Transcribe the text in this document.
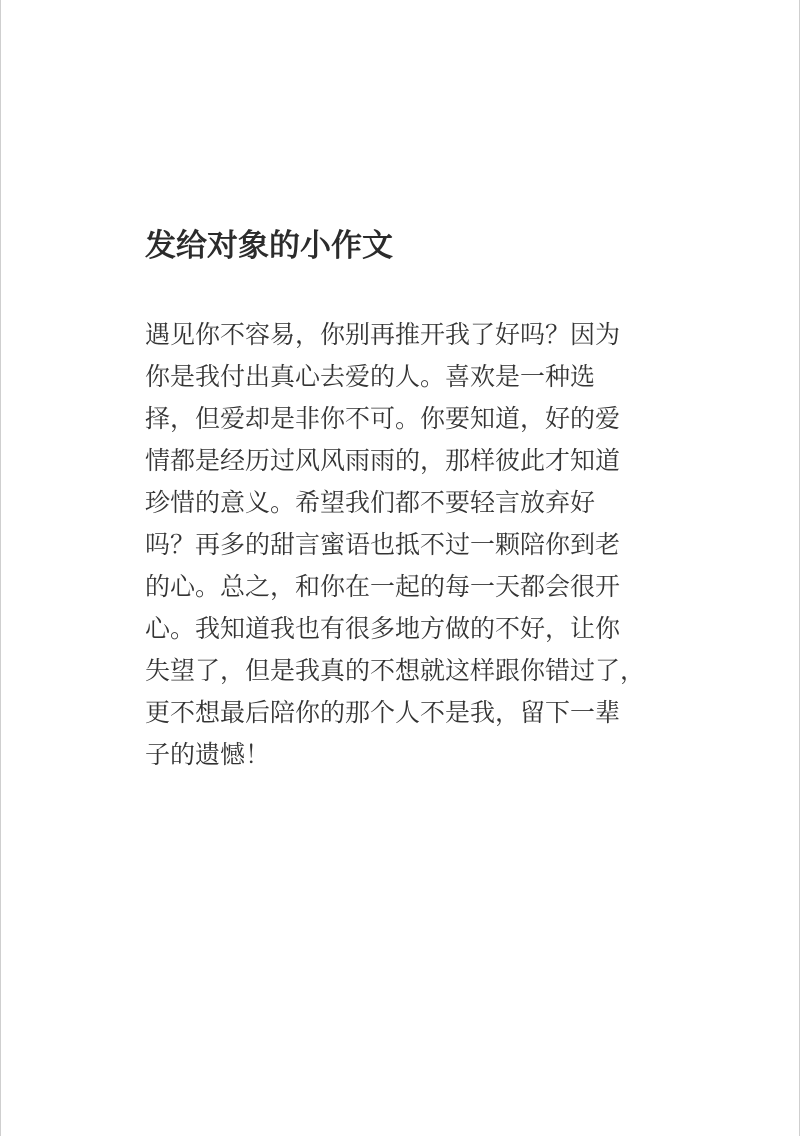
发给对象的小作文
遇见你不容易，你别再推开我了好吗？因为
你是我付出真心去爱的人。喜欢是一种选
择，但爱却是非你不可。你要知道，好的爱
情都是经历过风风雨雨的，那样彼此才知道
珍惜的意义。希望我们都不要轻言放弃好
吗？再多的甜言蜜语也抵不过一颗陪你到老
的心。总之，和你在一起的每一天都会很开
心。我知道我也有很多地方做的不好，让你
失望了，但是我真的不想就这样跟你错过了，
更不想最后陪你的那个人不是我，留下一辈
子的遗憾！
